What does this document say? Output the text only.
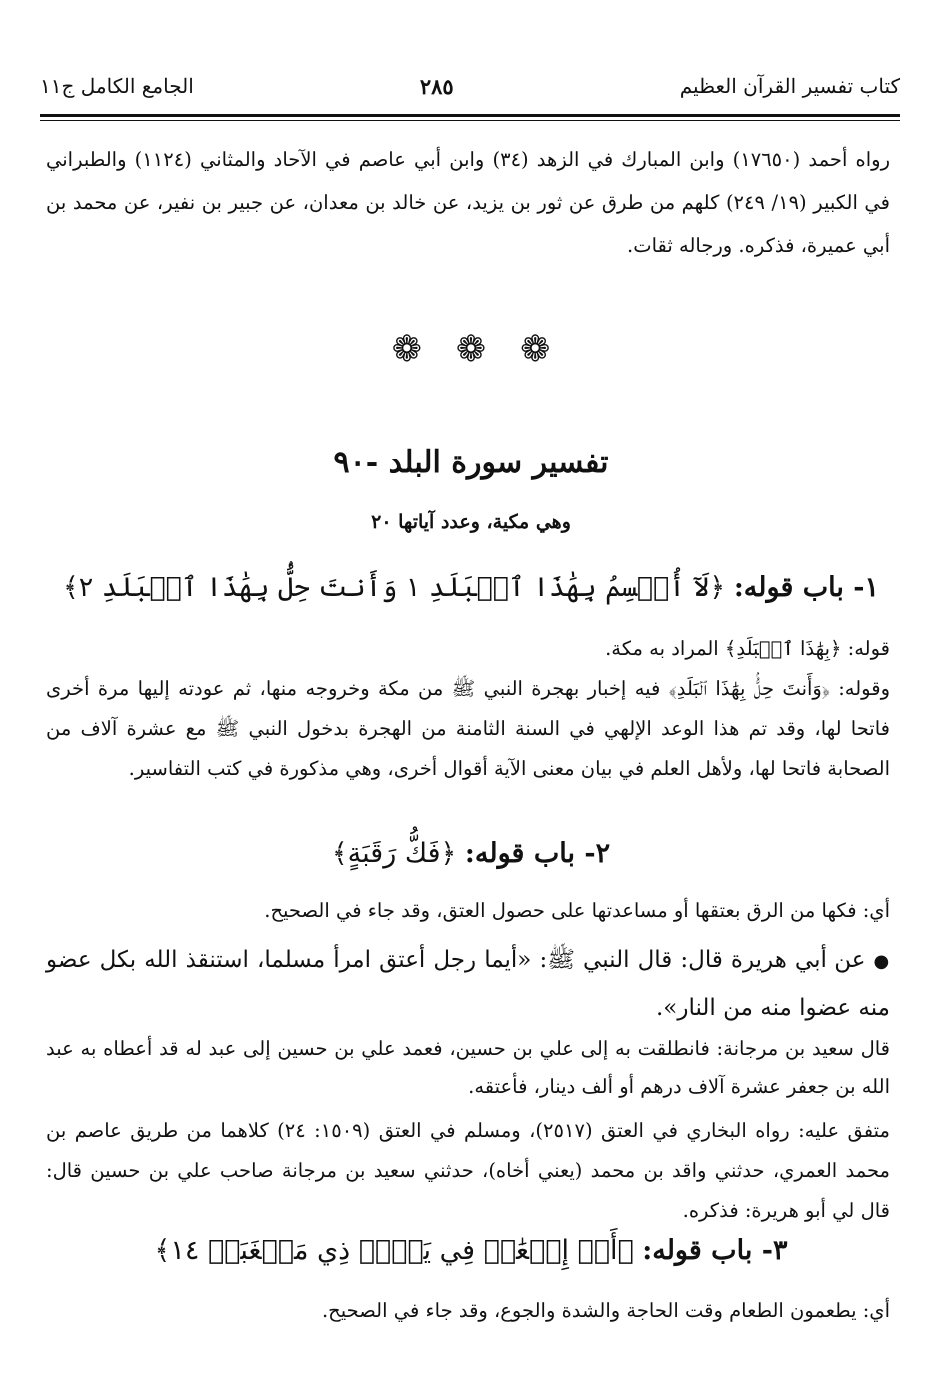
كتاب تفسير القرآن العظيم
٢٨٥
الجامع الكامل ج١١
رواه أحمد (١٧٦٥٠) وابن المبارك في الزهد (٣٤) وابن أبي عاصم في الآحاد والمثاني (١١٢٤) والطبراني في الكبير (١٩/ ٢٤٩) كلهم من طرق عن ثور بن يزيد، عن خالد بن معدان، عن جبير بن نفير، عن محمد بن أبي عميرة، فذكره. ورجاله ثقات.
❁
❁
❁
تفسير سورة البلد -٩٠
وهي مكية، وعدد آياتها ٢٠
١- باب قوله: ﴿لَآ أُقۡسِمُ بِهَٰذَا ٱلۡبَلَدِ ١ وَأَنتَ حِلُّۢ بِهَٰذَا ٱلۡبَلَدِ ٢﴾
قوله: ﴿بِهَٰذَا ٱلۡبَلَدِ﴾ المراد به مكة.
وقوله: ﴿وَأَنتَ حِلُّۢ بِهَٰذَا ٱلۡبَلَدِ﴾ فيه إخبار بهجرة النبي ﷺ من مكة وخروجه منها، ثم عودته إليها مرة أخرى فاتحا لها، وقد تم هذا الوعد الإلهي في السنة الثامنة من الهجرة بدخول النبي ﷺ مع عشرة آلاف من الصحابة فاتحا لها، ولأهل العلم في بيان معنى الآية أقوال أخرى، وهي مذكورة في كتب التفاسير.
٢- باب قوله: ﴿فَكُّ رَقَبَةٍ﴾
أي: فكها من الرق بعتقها أو مساعدتها على حصول العتق، وقد جاء في الصحيح.
● عن أبي هريرة قال: قال النبي ﷺ: «أيما رجل أعتق امرأ مسلما، استنقذ الله بكل عضو منه عضوا منه من النار».
قال سعيد بن مرجانة: فانطلقت به إلى علي بن حسين، فعمد علي بن حسين إلى عبد له قد أعطاه به عبد الله بن جعفر عشرة آلاف درهم أو ألف دينار، فأعتقه.
متفق عليه: رواه البخاري في العتق (٢٥١٧)، ومسلم في العتق (١٥٠٩: ٢٤) كلاهما من طريق عاصم بن محمد العمري، حدثني واقد بن محمد (يعني أخاه)، حدثني سعيد بن مرجانة صاحب علي بن حسين قال: قال لي أبو هريرة: فذكره.
٣- باب قوله: ﴿أَوۡ إِطۡعَٰمٞ فِي يَوۡمٖ ذِي مَسۡغَبَةٖ ١٤﴾
أي: يطعمون الطعام وقت الحاجة والشدة والجوع، وقد جاء في الصحيح.
